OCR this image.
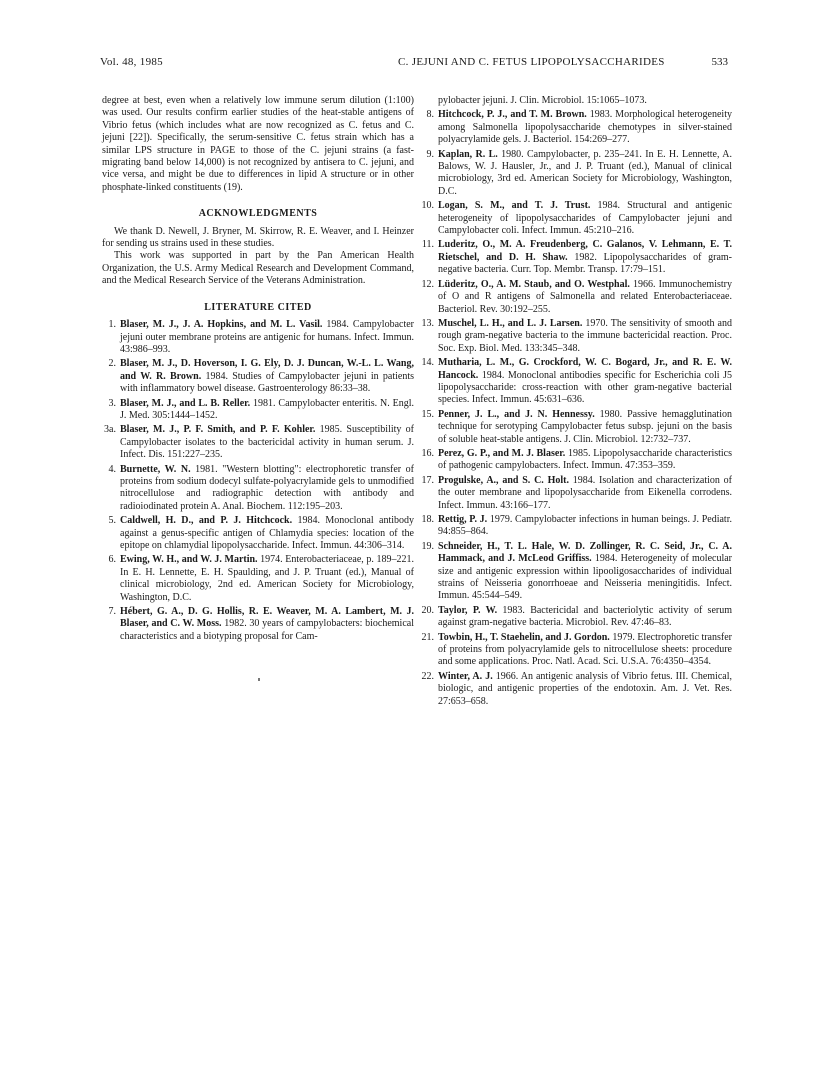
Vol. 48, 1985	C. JEJUNI AND C. FETUS LIPOPOLYSACCHARIDES	533

degree at best, even when a relatively low immune serum dilution (1:100) was used. Our results confirm earlier studies of the heat-stable antigens of Vibrio fetus (which includes what are now recognized as C. fetus and C. jejuni [22]). Specifically, the serum-sensitive C. fetus strain which has a similar LPS structure in PAGE to those of the C. jejuni strains (a fast-migrating band below 14,000) is not recognized by antisera to C. jejuni, and vice versa, and might be due to differences in lipid A structure or in other phosphate-linked constituents (19).

ACKNOWLEDGMENTS

We thank D. Newell, J. Bryner, M. Skirrow, R. E. Weaver, and I. Heinzer for sending us strains used in these studies.

This work was supported in part by the Pan American Health Organization, the U.S. Army Medical Research and Development Command, and the Medical Research Service of the Veterans Administration.

LITERATURE CITED

1. Blaser, M. J., J. A. Hopkins, and M. L. Vasil. 1984. Campylobacter jejuni outer membrane proteins are antigenic for humans. Infect. Immun. 43:986–993.

2. Blaser, M. J., D. Hoverson, I. G. Ely, D. J. Duncan, W.-L. L. Wang, and W. R. Brown. 1984. Studies of Campylobacter jejuni in patients with inflammatory bowel disease. Gastroenterology 86:33–38.

3. Blaser, M. J., and L. B. Reller. 1981. Campylobacter enteritis. N. Engl. J. Med. 305:1444–1452.

3a. Blaser, M. J., P. F. Smith, and P. F. Kohler. 1985. Susceptibility of Campylobacter isolates to the bactericidal activity in human serum. J. Infect. Dis. 151:227–235.

4. Burnette, W. N. 1981. "Western blotting": electrophoretic transfer of proteins from sodium dodecyl sulfate-polyacrylamide gels to unmodified nitrocellulose and radiographic detection with antibody and radioiodinated protein A. Anal. Biochem. 112:195–203.

5. Caldwell, H. D., and P. J. Hitchcock. 1984. Monoclonal antibody against a genus-specific antigen of Chlamydia species: location of the epitope on chlamydial lipopolysaccharide. Infect. Immun. 44:306–314.

6. Ewing, W. H., and W. J. Martin. 1974. Enterobacteriaceae, p. 189–221. In E. H. Lennette, E. H. Spaulding, and J. P. Truant (ed.), Manual of clinical microbiology, 2nd ed. American Society for Microbiology, Washington, D.C.

7. Hébert, G. A., D. G. Hollis, R. E. Weaver, M. A. Lambert, M. J. Blaser, and C. W. Moss. 1982. 30 years of campylobacters: biochemical characteristics and a biotyping proposal for Cam-

pylobacter jejuni. J. Clin. Microbiol. 15:1065–1073.

8. Hitchcock, P. J., and T. M. Brown. 1983. Morphological heterogeneity among Salmonella lipopolysaccharide chemotypes in silver-stained polyacrylamide gels. J. Bacteriol. 154:269–277.

9. Kaplan, R. L. 1980. Campylobacter, p. 235–241. In E. H. Lennette, A. Balows, W. J. Hausler, Jr., and J. P. Truant (ed.), Manual of clinical microbiology, 3rd ed. American Society for Microbiology, Washington, D.C.

10. Logan, S. M., and T. J. Trust. 1984. Structural and antigenic heterogeneity of lipopolysaccharides of Campylobacter jejuni and Campylobacter coli. Infect. Immun. 45:210–216.

11. Luderitz, O., M. A. Freudenberg, C. Galanos, V. Lehmann, E. T. Rietschel, and D. H. Shaw. 1982. Lipopolysaccharides of gram-negative bacteria. Curr. Top. Membr. Transp. 17:79–151.

12. Lüderitz, O., A. M. Staub, and O. Westphal. 1966. Immunochemistry of O and R antigens of Salmonella and related Enterobacteriaceae. Bacteriol. Rev. 30:192–255.

13. Muschel, L. H., and L. J. Larsen. 1970. The sensitivity of smooth and rough gram-negative bacteria to the immune bactericidal reaction. Proc. Soc. Exp. Biol. Med. 133:345–348.

14. Mutharia, L. M., G. Crockford, W. C. Bogard, Jr., and R. E. W. Hancock. 1984. Monoclonal antibodies specific for Escherichia coli J5 lipopolysaccharide: cross-reaction with other gram-negative bacterial species. Infect. Immun. 45:631–636.

15. Penner, J. L., and J. N. Hennessy. 1980. Passive hemagglutination technique for serotyping Campylobacter fetus subsp. jejuni on the basis of soluble heat-stable antigens. J. Clin. Microbiol. 12:732–737.

16. Perez, G. P., and M. J. Blaser. 1985. Lipopolysaccharide characteristics of pathogenic campylobacters. Infect. Immun. 47:353–359.

17. Progulske, A., and S. C. Holt. 1984. Isolation and characterization of the outer membrane and lipopolysaccharide from Eikenella corrodens. Infect. Immun. 43:166–177.

18. Rettig, P. J. 1979. Campylobacter infections in human beings. J. Pediatr. 94:855–864.

19. Schneider, H., T. L. Hale, W. D. Zollinger, R. C. Seid, Jr., C. A. Hammack, and J. McLeod Griffiss. 1984. Heterogeneity of molecular size and antigenic expression within lipooligosaccharides of individual strains of Neisseria gonorrhoeae and Neisseria meningitidis. Infect. Immun. 45:544–549.

20. Taylor, P. W. 1983. Bactericidal and bacteriolytic activity of serum against gram-negative bacteria. Microbiol. Rev. 47:46–83.

21. Towbin, H., T. Staehelin, and J. Gordon. 1979. Electrophoretic transfer of proteins from polyacrylamide gels to nitrocellulose sheets: procedure and some applications. Proc. Natl. Acad. Sci. U.S.A. 76:4350–4354.

22. Winter, A. J. 1966. An antigenic analysis of Vibrio fetus. III. Chemical, biologic, and antigenic properties of the endotoxin. Am. J. Vet. Res. 27:653–658.
